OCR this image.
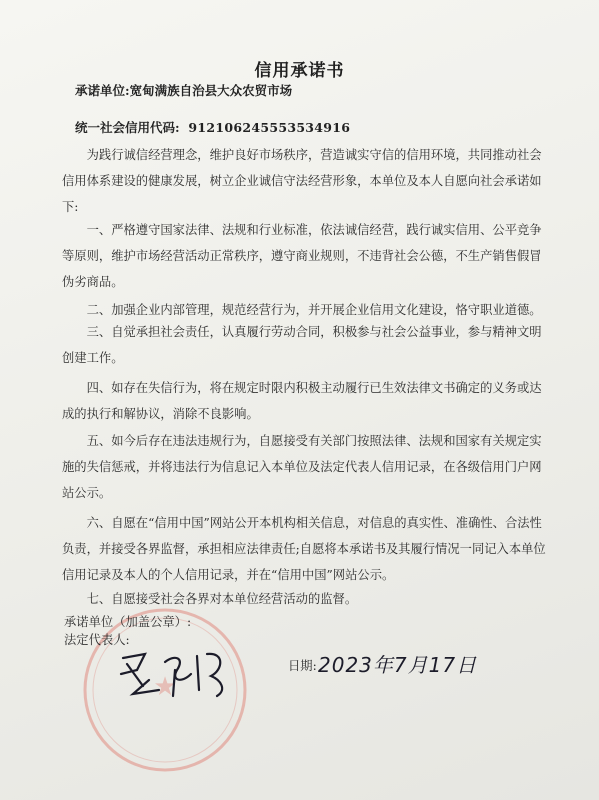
★
信用承诺书
承诺单位:宽甸满族自治县大众农贸市场
统一社会信用代码: 912106245553534916
为践行诚信经营理念，维护良好市场秩序，营造诚实守信的信用环境，共同推动社会信用体系建设的健康发展，树立企业诚信守法经营形象，本单位及本人自愿向社会承诺如下:
一、严格遵守国家法律、法规和行业标准，依法诚信经营，践行诚实信用、公平竞争等原则，维护市场经营活动正常秩序，遵守商业规则，不违背社会公德，不生产销售假冒伪劣商品。
二、加强企业内部管理，规范经营行为，并开展企业信用文化建设，恪守职业道德。
三、自觉承担社会责任，认真履行劳动合同，积极参与社会公益事业，参与精神文明创建工作。
四、如存在失信行为，将在规定时限内积极主动履行已生效法律文书确定的义务或达成的执行和解协议，消除不良影响。
五、如今后存在违法违规行为，自愿接受有关部门按照法律、法规和国家有关规定实施的失信惩戒，并将违法行为信息记入本单位及法定代表人信用记录，在各级信用门户网站公示。
六、自愿在“信用中国”网站公开本机构相关信息，对信息的真实性、准确性、合法性负责，并接受各界监督，承担相应法律责任;自愿将本承诺书及其履行情况一同记入本单位信用记录及本人的个人信用记录，并在“信用中国”网站公示。
七、自愿接受社会各界对本单位经营活动的监督。
承诺单位（加盖公章）:
法定代表人:
日期: 2023年7月17日
